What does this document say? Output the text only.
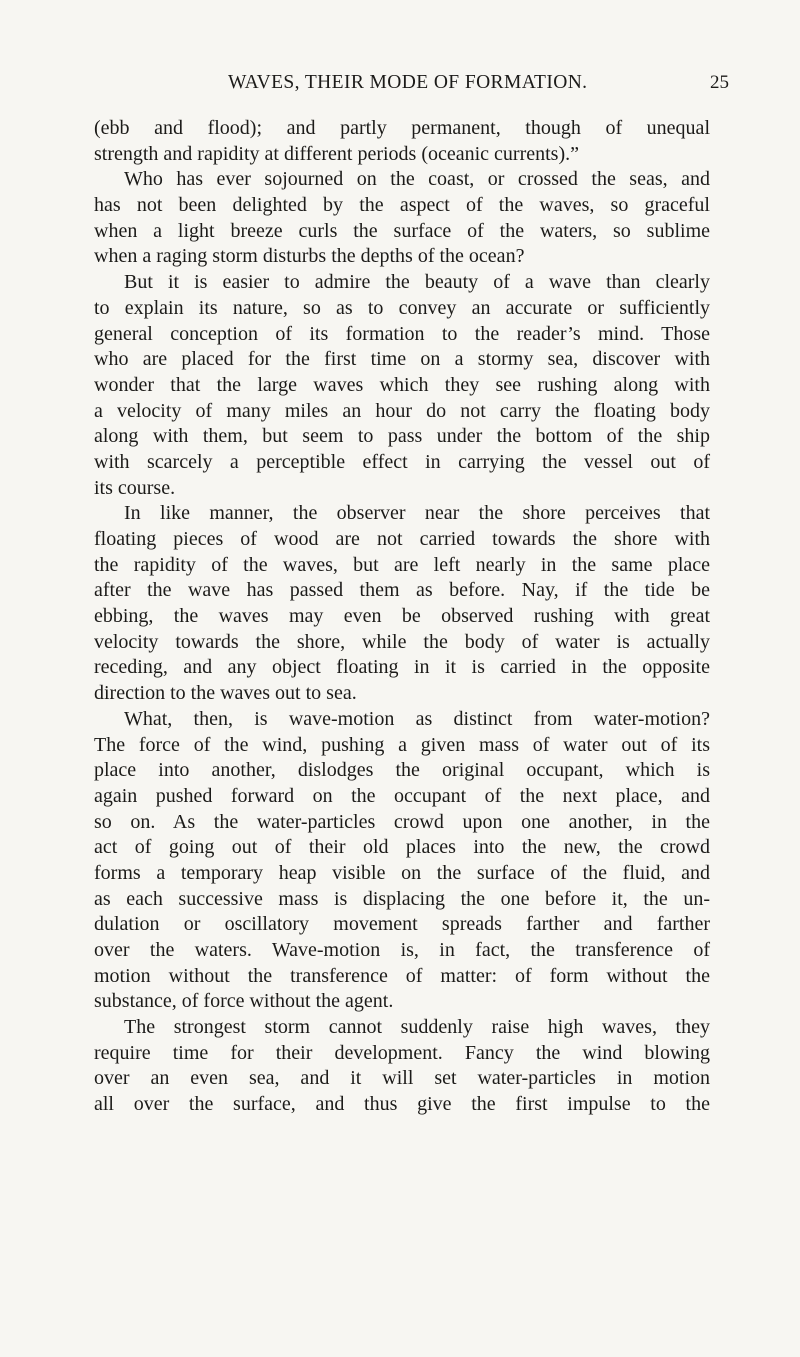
WAVES, THEIR MODE OF FORMATION.	25
(ebb and flood); and partly permanent, though of unequal
strength and rapidity at different periods (oceanic currents).”
Who has ever sojourned on the coast, or crossed the seas, and
has not been delighted by the aspect of the waves, so graceful
when a light breeze curls the surface of the waters, so sublime
when a raging storm disturbs the depths of the ocean?
But it is easier to admire the beauty of a wave than clearly
to explain its nature, so as to convey an accurate or sufficiently
general conception of its formation to the reader’s mind. Those
who are placed for the first time on a stormy sea, discover with
wonder that the large waves which they see rushing along with
a velocity of many miles an hour do not carry the floating body
along with them, but seem to pass under the bottom of the ship
with scarcely a perceptible effect in carrying the vessel out of
its course.
In like manner, the observer near the shore perceives that
floating pieces of wood are not carried towards the shore with
the rapidity of the waves, but are left nearly in the same place
after the wave has passed them as before. Nay, if the tide be
ebbing, the waves may even be observed rushing with great
velocity towards the shore, while the body of water is actually
receding, and any object floating in it is carried in the opposite
direction to the waves out to sea.
What, then, is wave-motion as distinct from water-motion?
The force of the wind, pushing a given mass of water out of its
place into another, dislodges the original occupant, which is
again pushed forward on the occupant of the next place, and
so on. As the water-particles crowd upon one another, in the
act of going out of their old places into the new, the crowd
forms a temporary heap visible on the surface of the fluid, and
as each successive mass is displacing the one before it, the un-
dulation or oscillatory movement spreads farther and farther
over the waters. Wave-motion is, in fact, the transference of
motion without the transference of matter: of form without the
substance, of force without the agent.
The strongest storm cannot suddenly raise high waves, they
require time for their development. Fancy the wind blowing
over an even sea, and it will set water-particles in motion
all over the surface, and thus give the first impulse to the
